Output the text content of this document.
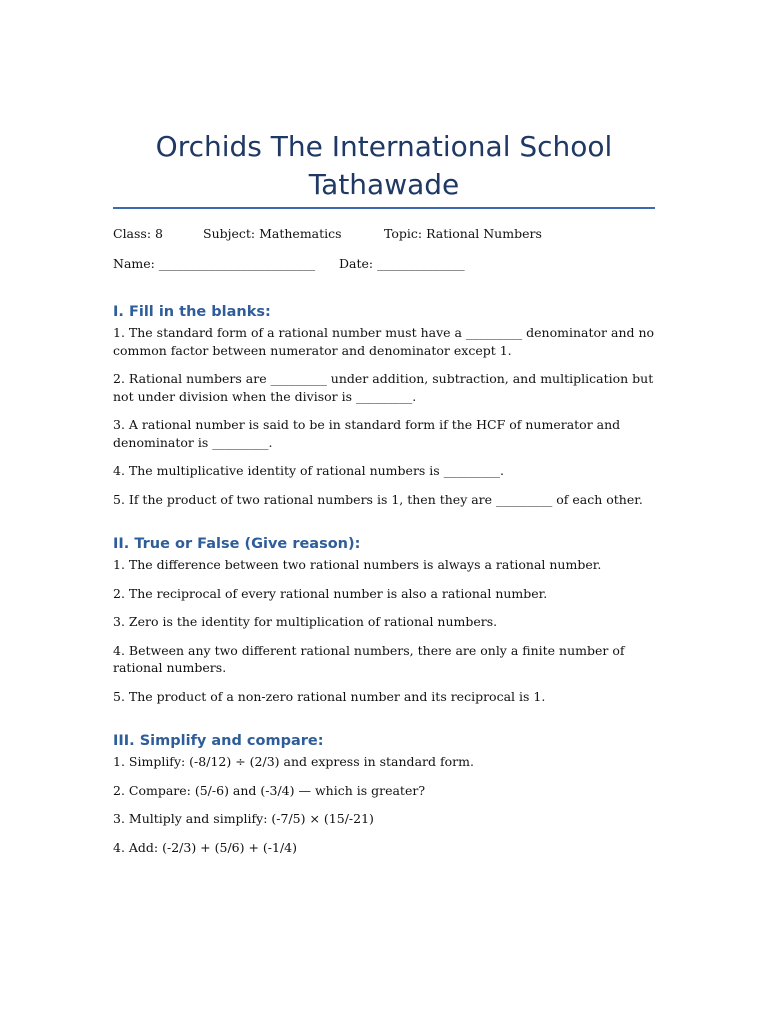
Orchids The International School
Tathawade
Class: 8	Subject: Mathematics	Topic: Rational Numbers
Name: _________________________ Date: ______________
I. Fill in the blanks:

1. The standard form of a rational number must have a _________ denominator and no common factor between numerator and denominator except 1.

2. Rational numbers are _________ under addition, subtraction, and multiplication but not under division when the divisor is _________.

3. A rational number is said to be in standard form if the HCF of numerator and denominator is _________.

4. The multiplicative identity of rational numbers is _________.

5. If the product of two rational numbers is 1, then they are _________ of each other.

II. True or False (Give reason):

1. The difference between two rational numbers is always a rational number.

2. The reciprocal of every rational number is also a rational number.

3. Zero is the identity for multiplication of rational numbers.

4. Between any two different rational numbers, there are only a finite number of rational numbers.

5. The product of a non-zero rational number and its reciprocal is 1.

III. Simplify and compare:

1. Simplify: (-8/12) ÷ (2/3) and express in standard form.

2. Compare: (5/-6) and (-3/4) — which is greater?

3. Multiply and simplify: (-7/5) × (15/-21)

4. Add: (-2/3) + (5/6) + (-1/4)
